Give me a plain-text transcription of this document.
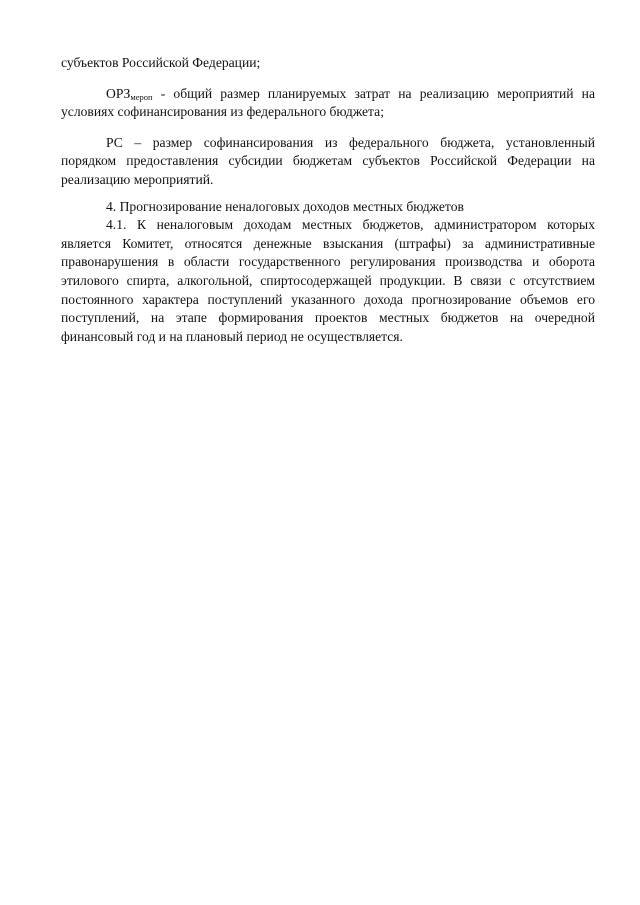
субъектов Российской Федерации;

$ОРЗ_{мероп}$ - общий размер планируемых затрат на реализацию мероприятий на условиях софинансирования из федерального бюджета;

РС – размер софинансирования из федерального бюджета, установленный порядком предоставления субсидии бюджетам субъектов Российской Федерации на реализацию мероприятий.

4. Прогнозирование неналоговых доходов местных бюджетов

4.1. К неналоговым доходам местных бюджетов, администратором которых является Комитет, относятся денежные взыскания (штрафы) за административные правонарушения в области государственного регулирования производства и оборота этилового спирта, алкогольной, спиртосодержащей продукции. В связи с отсутствием постоянного характера поступлений указанного дохода прогнозирование объемов его поступлений, на этапе формирования проектов местных бюджетов на очередной финансовый год и на плановый период не осуществляется.
